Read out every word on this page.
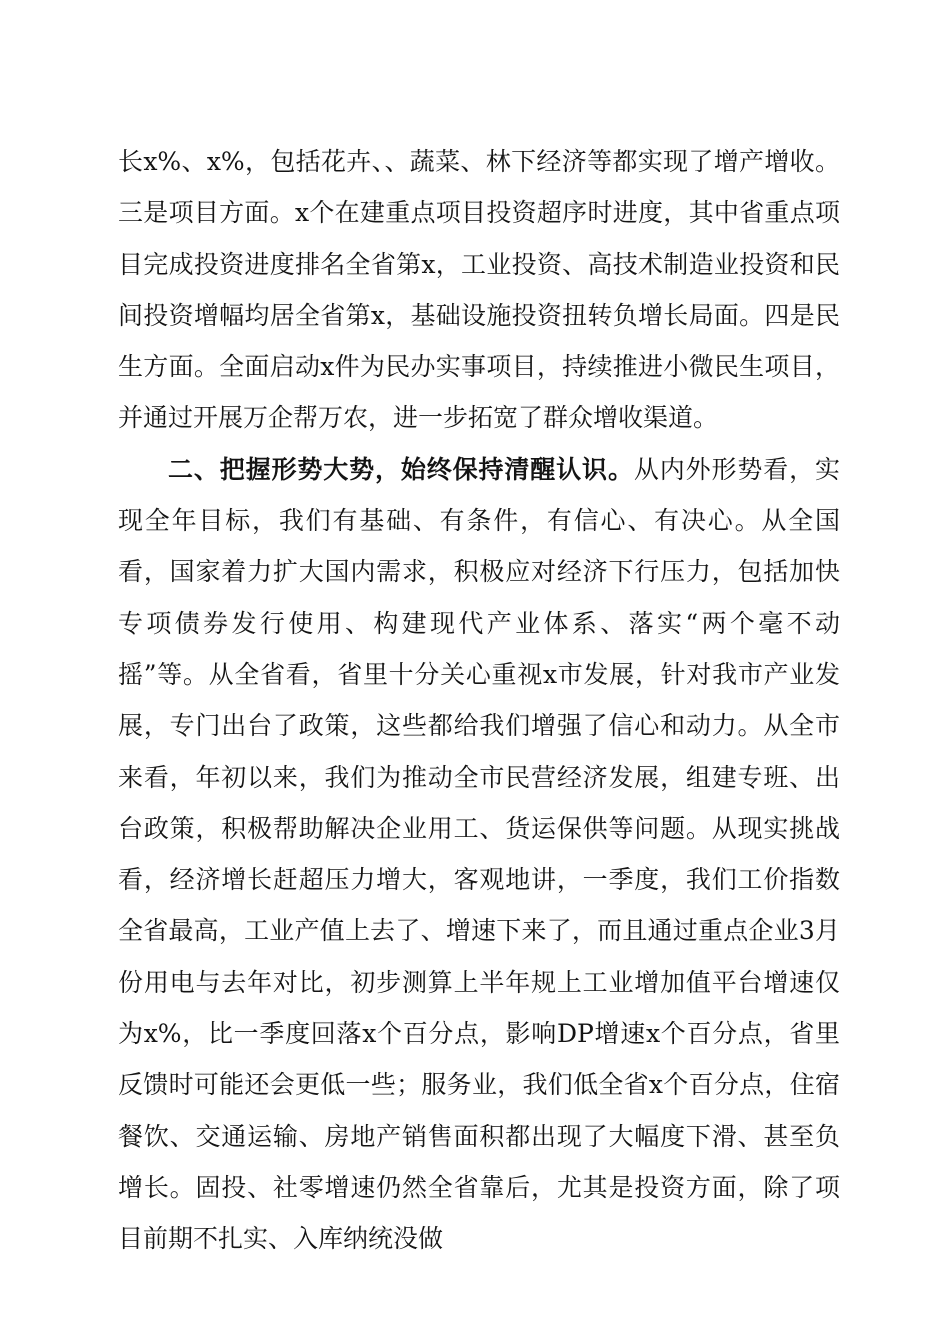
长x%、x%，包括花卉、、蔬菜、林下经济等都实现了增产增收。三是项目方面。x个在建重点项目投资超序时进度，其中省重点项目完成投资进度排名全省第x，工业投资、高技术制造业投资和民间投资增幅均居全省第x，基础设施投资扭转负增长局面。四是民生方面。全面启动x件为民办实事项目，持续推进小微民生项目，并通过开展万企帮万农，进一步拓宽了群众增收渠道。

二、把握形势大势，始终保持清醒认识。从内外形势看，实现全年目标，我们有基础、有条件，有信心、有决心。从全国看，国家着力扩大国内需求，积极应对经济下行压力，包括加快专项债券发行使用、构建现代产业体系、落实“两个毫不动摇”等。从全省看，省里十分关心重视x市发展，针对我市产业发展，专门出台了政策，这些都给我们增强了信心和动力。从全市来看，年初以来，我们为推动全市民营经济发展，组建专班、出台政策，积极帮助解决企业用工、货运保供等问题。从现实挑战看，经济增长赶超压力增大，客观地讲，一季度，我们工价指数全省最高，工业产值上去了、增速下来了，而且通过重点企业3月份用电与去年对比，初步测算上半年规上工业增加值平台增速仅为x%，比一季度回落x个百分点，影响DP增速x个百分点，省里反馈时可能还会更低一些；服务业，我们低全省x个百分点，住宿餐饮、交通运输、房地产销售面积都出现了大幅度下滑、甚至负增长。固投、社零增速仍然全省靠后，尤其是投资方面，除了项目前期不扎实、入库纳统没做
